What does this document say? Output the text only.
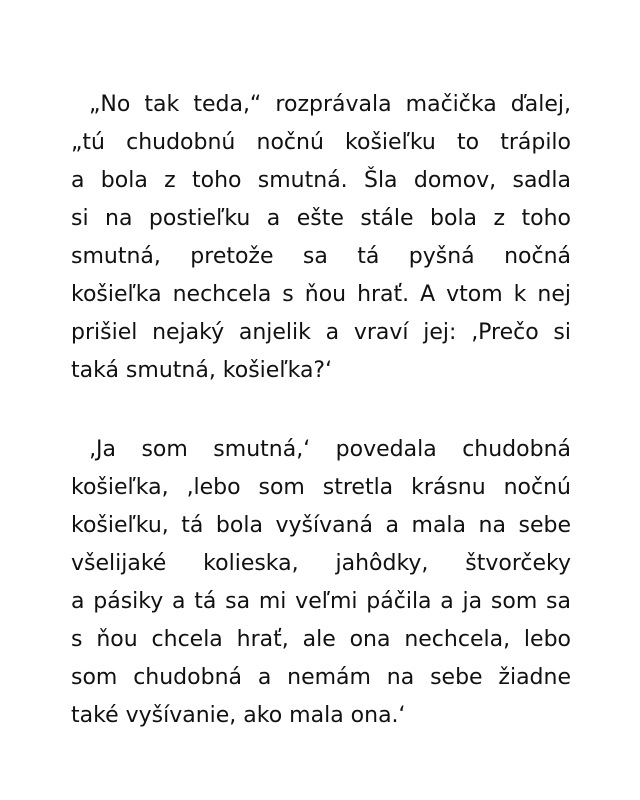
„No tak teda,“ rozprávala mačička ďalej,
„tú chudobnú nočnú košieľku to trápilo
a bola z toho smutná. Šla domov, sadla
si na postieľku a ešte stále bola z toho
smutná, pretože sa tá pyšná nočná
košieľka nechcela s ňou hrať. A vtom k nej
prišiel nejaký anjelik a vraví jej: ‚Prečo si
taká smutná, košieľka?‘
‚Ja som smutná,‘ povedala chudobná
košieľka, ‚lebo som stretla krásnu nočnú
košieľku, tá bola vyšívaná a mala na sebe
všelijaké kolieska, jahôdky, štvorčeky
a pásiky a tá sa mi veľmi páčila a ja som sa
s ňou chcela hrať, ale ona nechcela, lebo
som chudobná a nemám na sebe žiadne
také vyšívanie, ako mala ona.‘
